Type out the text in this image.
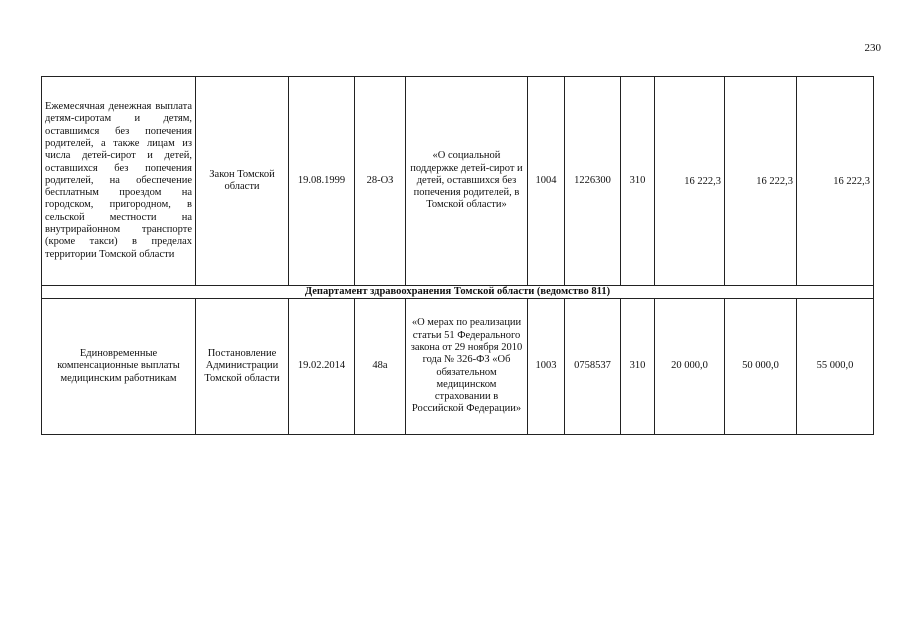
230
Ежемесячная денежная выплата детям-сиротам и детям, оставшимся без попечения родителей, а также лицам из числа детей-сирот и детей, оставшихся без попечения родителей, на обеспечение бесплатным проездом на городском, пригородном, в сельской местности на внутрирайонном транспорте (кроме такси) в пределах территории Томской области	Закон Томской области	19.08.1999	28-ОЗ	«О социальной поддержке детей-сирот и детей, оставшихся без попечения родителей, в Томской области»	1004	1226300	310	16 222,3	16 222,3	16 222,3
Департамент здравоохранения Томской области (ведомство 811)										
Единовременные компенсационные выплаты медицинским работникам	Постановление Администрации Томской области	19.02.2014	48а	«О мерах по реализации статьи 51 Федерального закона от 29 ноября 2010 года № 326-ФЗ «Об обязательном медицинском страховании в Российской Федерации»	1003	0758537	310	20 000,0	50 000,0	55 000,0
